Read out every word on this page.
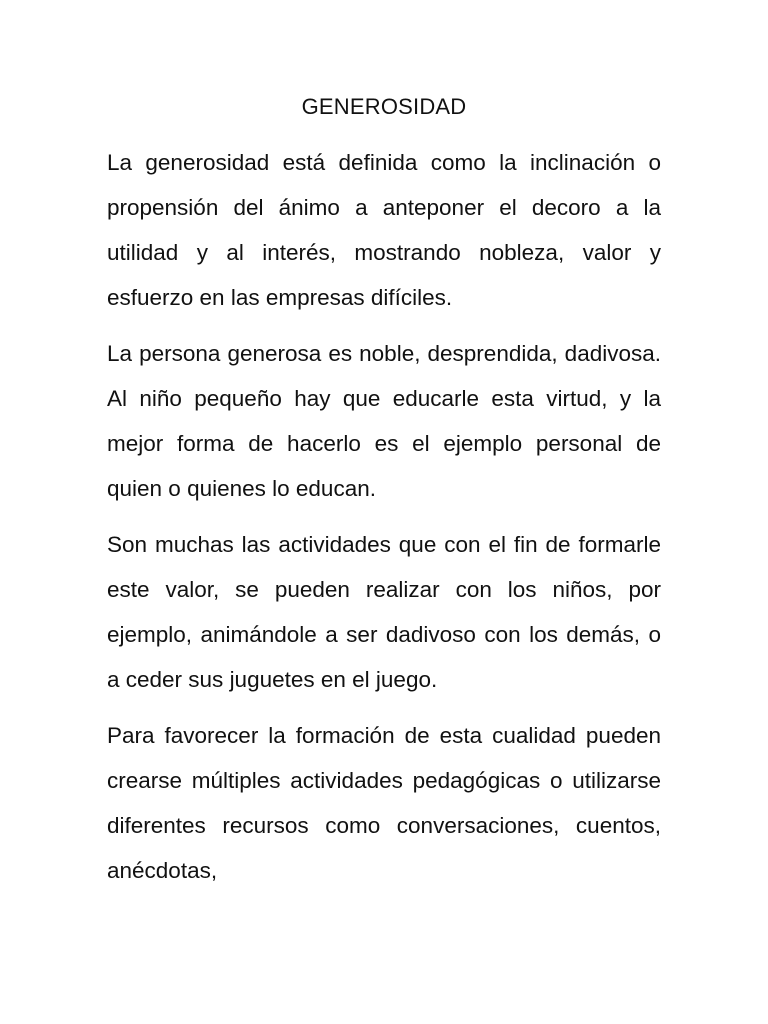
GENEROSIDAD

La generosidad está definida como la inclinación o propensión del ánimo a anteponer el decoro a la utilidad y al interés, mostrando nobleza, valor y esfuerzo en las empresas difíciles.

La persona generosa es noble, desprendida, dadivosa. Al niño pequeño hay que educarle esta virtud, y la mejor forma de hacerlo es el ejemplo personal de quien o quienes lo educan.

Son muchas las actividades que con el fin de formarle este valor, se pueden realizar con los niños, por ejemplo, animándole a ser dadivoso con los demás, o a ceder sus juguetes en el juego.

Para favorecer la formación de esta cualidad pueden crearse múltiples actividades pedagógicas o utilizarse diferentes recursos como conversaciones, cuentos, anécdotas,
